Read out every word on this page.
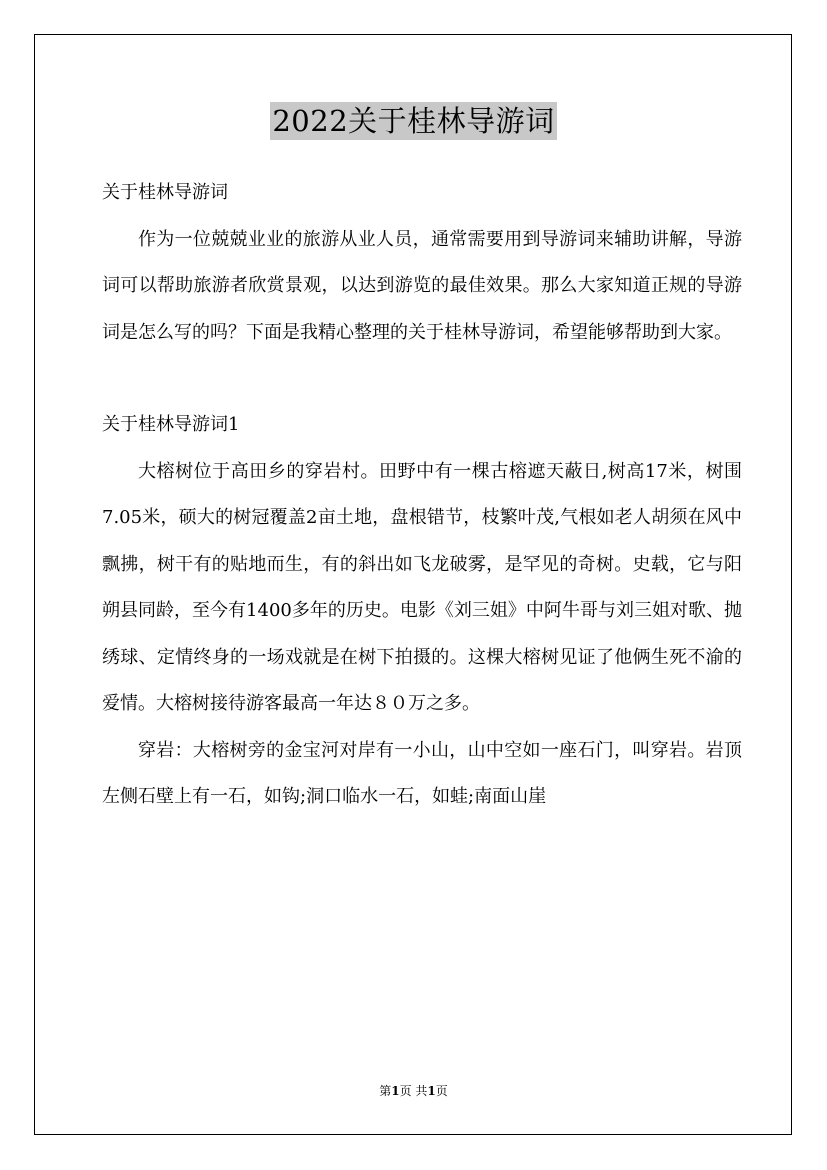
2022关于桂林导游词

关于桂林导游词

作为一位兢兢业业的旅游从业人员，通常需要用到导游词来辅助讲解，导游词可以帮助旅游者欣赏景观，以达到游览的最佳效果。那么大家知道正规的导游词是怎么写的吗？下面是我精心整理的关于桂林导游词，希望能够帮助到大家。

关于桂林导游词1

大榕树位于高田乡的穿岩村。田野中有一棵古榕遮天蔽日,树高17米，树围7.05米，硕大的树冠覆盖2亩土地，盘根错节，枝繁叶茂,气根如老人胡须在风中飘拂，树干有的贴地而生，有的斜出如飞龙破雾，是罕见的奇树。史载，它与阳朔县同龄，至今有1400多年的历史。电影《刘三姐》中阿牛哥与刘三姐对歌、抛绣球、定情终身的一场戏就是在树下拍摄的。这棵大榕树见证了他俩生死不渝的爱情。大榕树接待游客最高一年达８０万之多。

穿岩：大榕树旁的金宝河对岸有一小山，山中空如一座石门，叫穿岩。岩顶左侧石壁上有一石，如钩;洞口临水一石，如蛙;南面山崖

第1页 共1页
